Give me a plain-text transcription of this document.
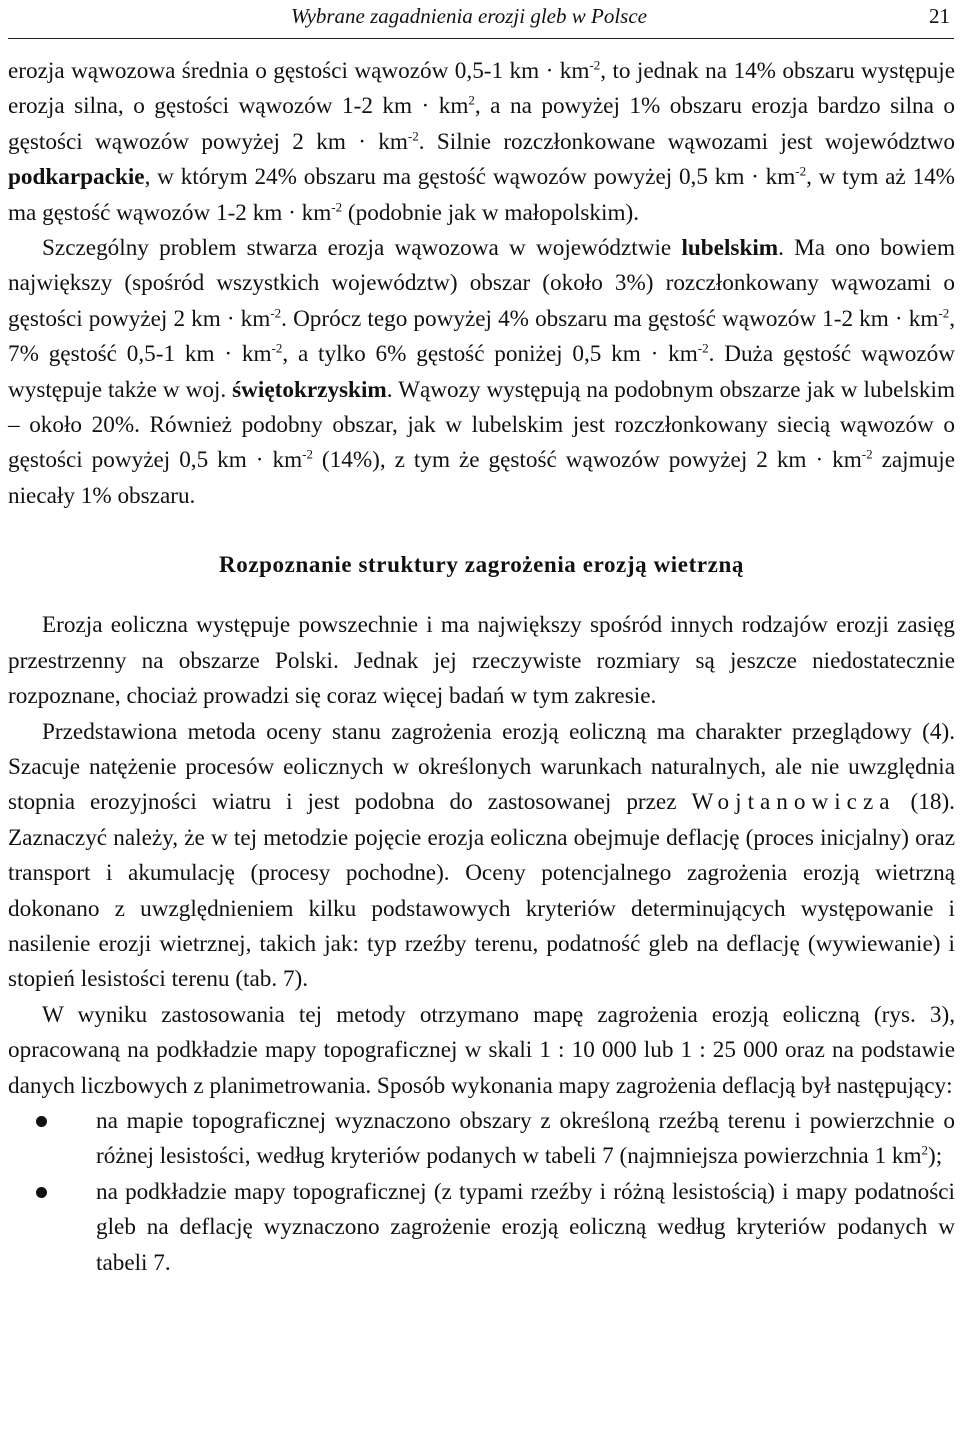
Wybrane zagadnienia erozji gleb w Polsce	21

erozja wąwozowa średnia o gęstości wąwozów 0,5-1 km · $km^{-2}$, to jednak na 14% obszaru występuje erozja silna, o gęstości wąwozów 1-2 km · $km^2$, a na powyżej 1% obszaru erozja bardzo silna o gęstości wąwozów powyżej 2 km · $km^{-2}$. Silnie rozczłonkowane wąwozami jest województwo podkarpackie, w którym 24% obszaru ma gęstość wąwozów powyżej 0,5 km · $km^{-2}$, w tym aż 14% ma gęstość wąwozów 1-2 km · $km^{-2}$ (podobnie jak w małopolskim).

Szczególny problem stwarza erozja wąwozowa w województwie lubelskim. Ma ono bowiem największy (spośród wszystkich województw) obszar (około 3%) rozczłonkowany wąwozami o gęstości powyżej 2 km · $km^{-2}$. Oprócz tego powyżej 4% obszaru ma gęstość wąwozów 1-2 km · $km^{-2}$, 7% gęstość 0,5-1 km · $km^{-2}$, a tylko 6% gęstość poniżej 0,5 km · $km^{-2}$. Duża gęstość wąwozów występuje także w woj. świętokrzyskim. Wąwozy występują na podobnym obszarze jak w lubelskim – około 20%. Również podobny obszar, jak w lubelskim jest rozczłonkowany siecią wąwozów o gęstości powyżej 0,5 km · $km^{-2}$ (14%), z tym że gęstość wąwozów powyżej 2 km · $km^{-2}$ zajmuje niecały 1% obszaru.

Rozpoznanie struktury zagrożenia erozją wietrzną

Erozja eoliczna występuje powszechnie i ma największy spośród innych rodzajów erozji zasięg przestrzenny na obszarze Polski. Jednak jej rzeczywiste rozmiary są jeszcze niedostatecznie rozpoznane, chociaż prowadzi się coraz więcej badań w tym zakresie.

Przedstawiona metoda oceny stanu zagrożenia erozją eoliczną ma charakter przeglądowy (4). Szacuje natężenie procesów eolicznych w określonych warunkach naturalnych, ale nie uwzględnia stopnia erozyjności wiatru i jest podobna do zastosowanej przez Wojtanowicza (18). Zaznaczyć należy, że w tej metodzie pojęcie erozja eoliczna obejmuje deflację (proces inicjalny) oraz transport i akumulację (procesy pochodne). Oceny potencjalnego zagrożenia erozją wietrzną dokonano z uwzględnieniem kilku podstawowych kryteriów determinujących występowanie i nasilenie erozji wietrznej, takich jak: typ rzeźby terenu, podatność gleb na deflację (wywiewanie) i stopień lesistości terenu (tab. 7).

W wyniku zastosowania tej metody otrzymano mapę zagrożenia erozją eoliczną (rys. 3), opracowaną na podkładzie mapy topograficznej w skali 1 : 10 000 lub 1 : 25 000 oraz na podstawie danych liczbowych z planimetrowania. Sposób wykonania mapy zagrożenia deflacją był następujący:

na mapie topograficznej wyznaczono obszary z określoną rzeźbą terenu i powierzchnie o różnej lesistości, według kryteriów podanych w tabeli 7 (najmniejsza powierzchnia 1 $km^2$);
na podkładzie mapy topograficznej (z typami rzeźby i różną lesistością) i mapy podatności gleb na deflację wyznaczono zagrożenie erozją eoliczną według kryteriów podanych w tabeli 7.
